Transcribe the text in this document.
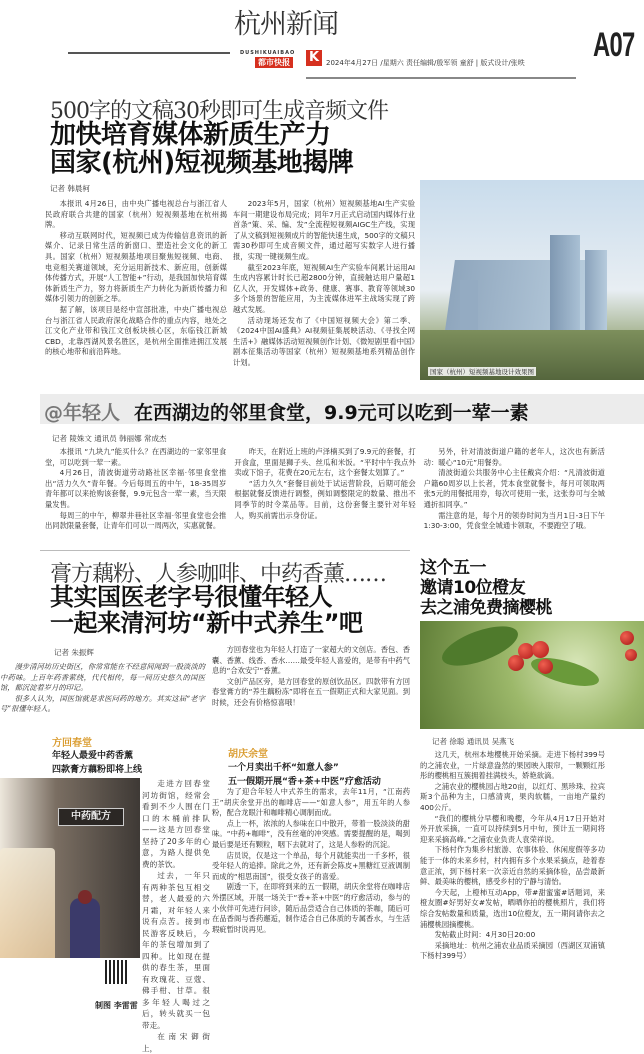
杭州新闻
DUSHIKUAIBAO
都市快报 K 2024年4月27日 /星期六 责任编辑/殷军领 童舒 | 版式设计/张昳 A07
500字的文稿30秒即可生成音频文件
加快培育媒体新质生产力
国家(杭州)短视频基地揭牌
记者 韩晨柯

本报讯 4月26日，由中央广播电视总台与浙江省人民政府联合共建的国家（杭州）短视频基地在杭州揭牌。

移动互联网时代，短视频已成为传输信息资讯的新媒介、记录日常生活的新窗口、塑造社会文化的新工具。国家（杭州）短视频基地项目聚焦短视频、电商、电竞相关赛道领域，充分运用新技术、新应用，创新媒体传播方式，开展“人工智能+”行动，是我国加快培育媒体新质生产力，努力将新质生产力转化为新质传播力和媒体引领力的创新之举。

据了解，该项目是经中宣部批准，中央广播电视总台与浙江省人民政府深化战略合作的重点内容，地处之江文化产业带和钱江文创板块核心区，东临钱江新城CBD，北靠西湖风景名胜区，是杭州全面推进拥江发展的核心地带和前沿阵地。

2023年5月，国家（杭州）短视频基地AI生产实验车间一期建设布局完成；同年7月正式启动国内媒体行业首条“策、采、编、发”全流程短视频AIGC生产线，实现了从文稿到短视频成片的智能快速生成，500字的文稿只需30秒即可生成音频文件，通过超写实数字人进行播报，实现一键视频生成。

截至2023年底，短视频AI生产实验车间累计运用AI生成内容累计时长已超2800分钟，直接触达用户量超1亿人次，开发媒体+政务、健康、赛事、教育等领域30多个场景的智能应用，为主流媒体进军主战场实现了跨越式发展。

活动现场还发布了《中国短视频大会》第二季、《2024中国AI盛典》AI视频征集展映活动、《寻找全网生活+》融媒体活动短视频创作计划、《微短剧里看中国》剧本征集活动等国家（杭州）短视频基地系列精品创作计划。

国家（杭州）短视频基地设计效果图
@年轻人 在西湖边的邻里食堂，9.9元可以吃到一荤一素
记者 陵姝文 通讯员 韩丽娜 常成杰

本报讯 “九块九”能买什么？在西湖边的一家邻里食堂，可以吃到一荤一素。

4月26日，清波街道劳动路社区幸福·邻里食堂推出“活力久久”青年餐。今后每周五的中午，18-35周岁青年都可以来抢购该套餐，9.9元包含一荤一素，当天限量发售。

每周三的中午，柳翠井巷社区幸福·邻里食堂也会推出同款限量套餐，让青年们可以一周两次，实惠就餐。

昨天，在附近上班的卢泽楠买到了9.9元的套餐，打开食盒，里面是狮子头、丝瓜和米饭。“平时中午我点外卖或下馆子，花费在20元左右，这个套餐太划算了。”

“活力久久”套餐目前处于试运营阶段，后期可能会根据就餐反馈进行调整，例如调整限定的数量、推出不同季节的时令菜品等。目前，这份套餐主要针对年轻人，购买前需出示身份证。

另外，针对清波街道户籍的老年人，这次也有新活动：暖心“10元”用餐券。

清波街道公共服务中心主任戴宾介绍：“凡清波街道户籍60周岁以上长者，凭本食堂就餐卡，每月可领取两张5元的用餐抵用券，每次可使用一张，这张券可与全城通折扣同享。”

需注意的是，每个月的领券时间为当月1日-3日下午1:30-3:00，凭食堂全城通卡领取，不要跑空了哦。

膏方藕粉、人参咖啡、中药香薰……
其实国医老字号很懂年轻人
一起来清河坊“新中式养生”吧
记者 朱振辉

漫步清河坊历史街区，你常常能在不经意间闻到一股淡淡的中药味。上百年药香萦绕，代代相传，每一间历史悠久的国医馆，都沉淀着岁月的印记。

很多人认为，国医馆就是求医问药的地方。其实这届“老字号”很懂年轻人。

方回春堂
年轻人最爱中药香薰
四款膏方藕粉即将上线
中药配方

走进方回春堂河坊街馆，经常会看到不少人围在门口的木桶前排队——这是方回春堂坚持了20多年的心意，为路人提供免费的茶饮。

过去，一年只有两种茶包互相交替，老人最爱的六月霜，对年轻人来说有点苦。接到市民游客反映后，今年的茶包增加到了四种。比如现在提供的春生茶，里面有玫瑰花、豆蔻、佛手柑、甘草。很多年轻人喝过之后，转头就买一包带走。

在南宋御街上，

制图 李雷雷

方回春堂也为年轻人打造了一家超大的文创店。香包、香囊、香薰、线香、香水……最受年轻人喜爱的，是带有中药气息的“合欢安宁”香薰。

文创产品区旁，是方回春堂的原创饮品区。四款带有方回春堂膏方的“养生藕粉冻”即将在五一假期正式和大家见面。到时候，还会有价格惊喜哦！

胡庆余堂
一个月卖出千杯“如意人参”
五一假期开展“香+茶+中医”疗愈活动

为了迎合年轻人中式养生的需求，去年11月，“江南药王”胡庆余堂开出的咖啡店——“如意人参”，用五年的人参粉，配合龙眼汁和咖啡精心调制而成。

点上一杯，浓浓的人参味在口中散开，带着一股淡淡的甜味。“中药+咖啡”，没有丝毫的冲突感。需要提醒的是，喝到最后要是还有颗粒，咽下去就对了，这是人参粉的沉淀。

店员说，仅是这一个单品，每个月就能卖出一千多杯，很受年轻人的追捧。除此之外，还有新会陈皮+黑糖红豆液调制而成的“相思南国”，很受女孩子的喜爱。

剧透一下，在即将到来的五一假期，胡庆余堂将在咖啡店外摆区域，开展一场关于“香+茶+中医”的疗愈活动，参与的小伙伴可先进行问诊，随后品尝适合自己体质的茶咖，随后可在品香阁与香药邂逅，制作适合自己体质的专属香水，与生活瑕疵暂时说再见。

这个五一
邀请10位橙友
去之浦免费摘樱桃
记者 徐聪 通讯员 吴燕飞

这几天，杭州本地樱桃开始采摘。走进下杨村399号的之浦农业，一片绿意盎然的果园映入眼帘，一颗颗红彤彤的樱桃相互簇拥着挂满枝头，娇艳欲滴。

之浦农业的樱桃园占地20亩，以红灯、黑珍珠、拉宾斯3个品种为主，口感清爽，果肉软糯，一亩地产量约400公斤。

“我们的樱桃分早樱和晚樱，今年从4月17日开始对外开放采摘，一直可以持续到5月中旬，预计五一期间将迎来采摘高峰。”之浦农业负责人袁荣祥说。

下杨村作为集乡村旅游、农事体验、休闲度假等多功能于一体的未来乡村，村内拥有多个水果采摘点，趁着春意正浓，到下杨村来一次亲近自然的采摘体验，品尝最新鲜、最美味的樱桃，感受乡村的宁静与清怡。

今天起，上橙柿互动App，带#甜蜜蜜#话题词，来橙友圈#好男好女#发帖，晒晒你拍的樱桃照片，我们将综合发帖数量和质量，选出10位橙友，五一期间请你去之浦樱桃园摘樱桃。

发帖截止时间：4月30日20:00

采摘地址：杭州之浦农业品质采摘园（西湖区双浦镇下杨村399号）
